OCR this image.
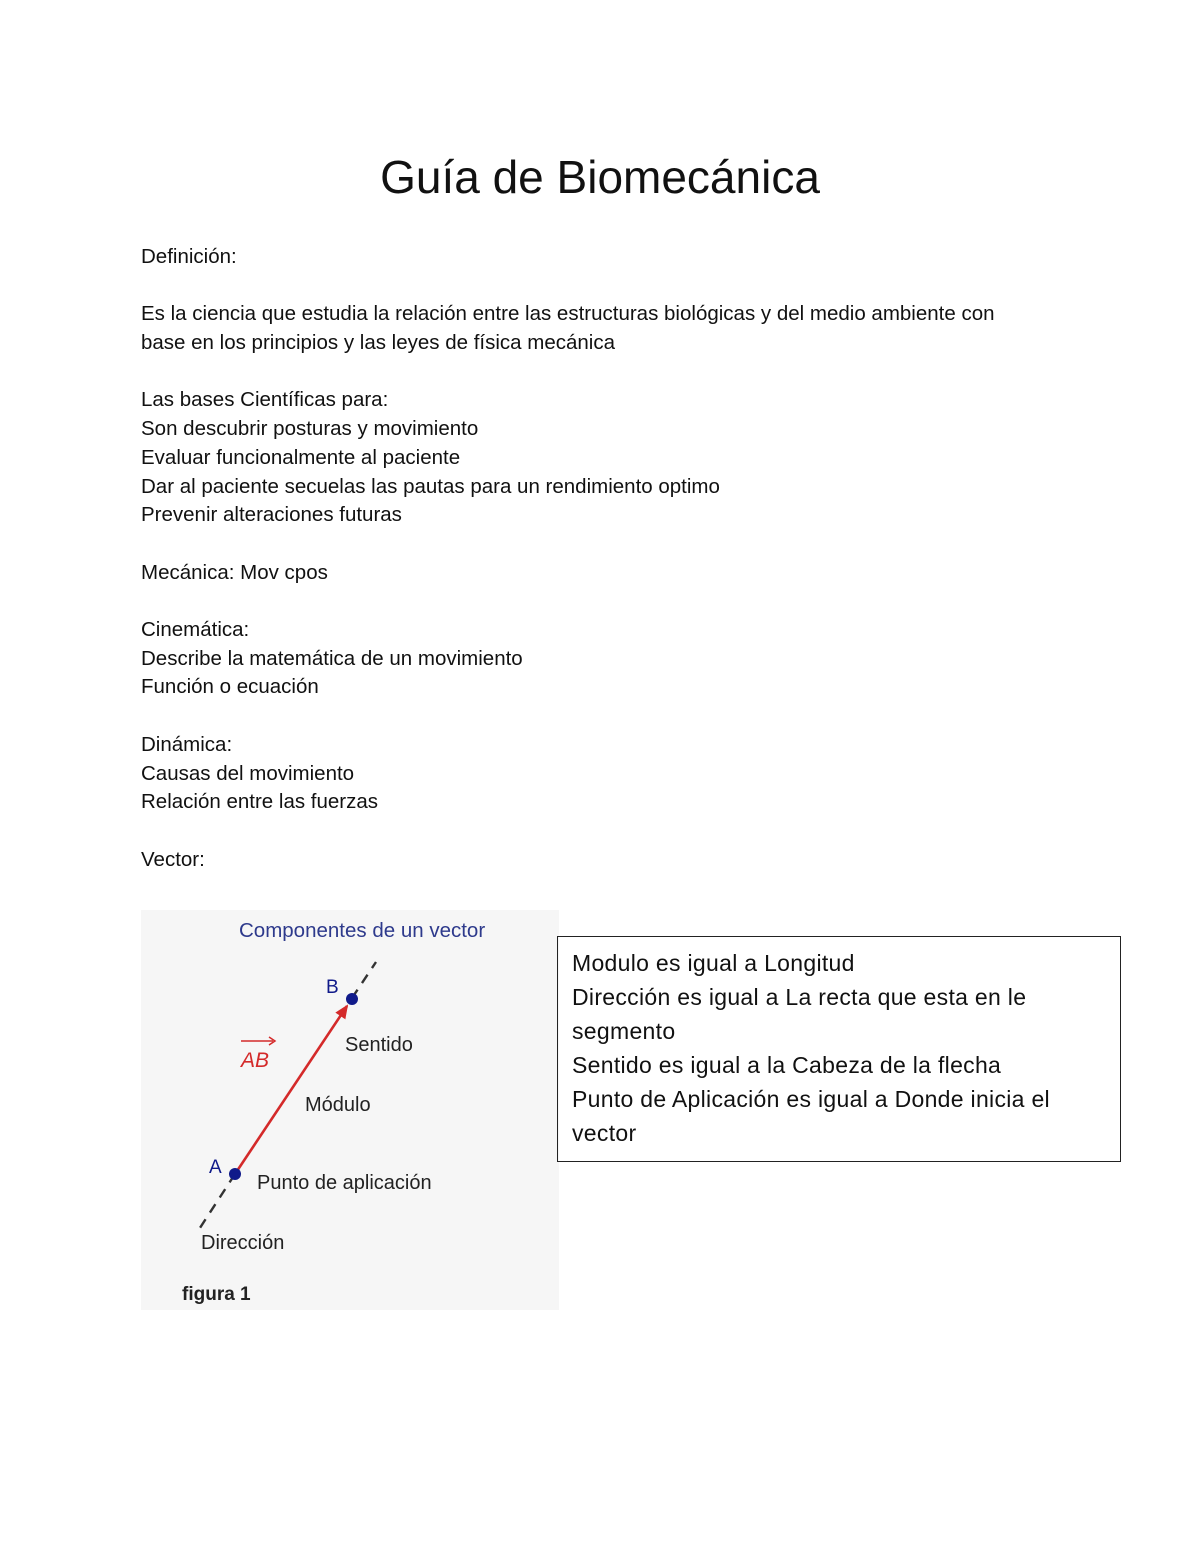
Guía de Biomecánica

Definición:

Es la ciencia que estudia la relación entre las estructuras biológicas y del medio ambiente con

base en los principios y las leyes de física mecánica

Las bases Científicas para:

Son descubrir posturas y movimiento

Evaluar funcionalmente al paciente

Dar al paciente secuelas las pautas para un rendimiento optimo

Prevenir alteraciones futuras

Mecánica: Mov cpos

Cinemática:

Describe la matemática de un movimiento

Función o ecuación

Dinámica:

Causas del movimiento

Relación entre las fuerzas

Vector:

Componentes de un vector
B
A
AB
Sentido
Módulo
Punto de aplicación
Dirección
figura 1

Modulo es igual a Longitud

Dirección es igual a La recta que esta en le

segmento

Sentido es igual a la Cabeza de la flecha

Punto de Aplicación es igual a Donde inicia el

vector
